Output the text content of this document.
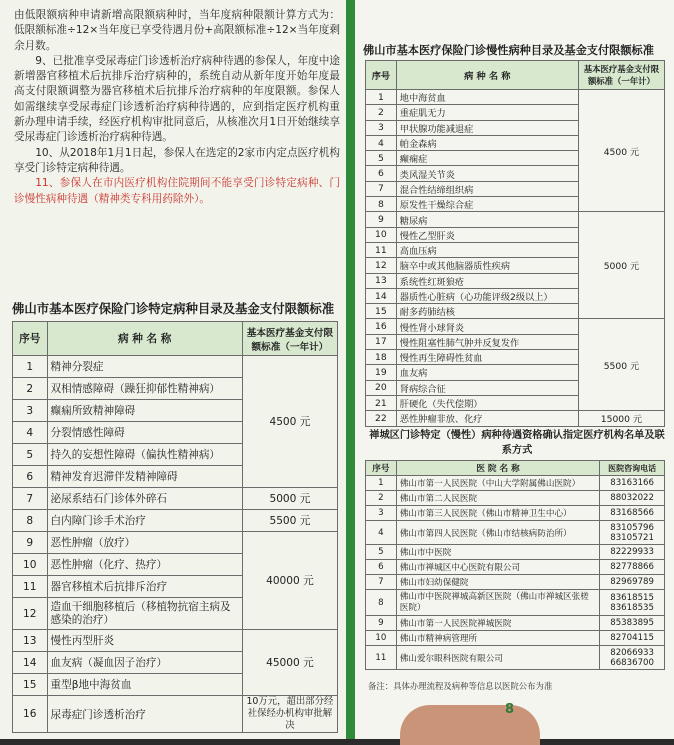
由低限额病种申请新增高限额病种时，当年度病种限额计算方式为：低限额标准÷12×当年度已享受待遇月份+高限额标准÷12×当年度剩余月数。

9、已批准享受尿毒症门诊透析治疗病种待遇的参保人，年度中途新增器官移植术后抗排斥治疗病种的，系统自动从新年度开始年度最高支付限额调整为器官移植术后抗排斥治疗病种的年度限额。参保人如需继续享受尿毒症门诊透析治疗病种待遇的，应到指定医疗机构重新办理申请手续，经医疗机构审批同意后，从核准次月1日开始继续享受尿毒症门诊透析治疗病种待遇。

10、从2018年1月1日起，参保人在选定的2家市内定点医疗机构享受门诊特定病种待遇。

11、参保人在市内医疗机构住院期间不能享受门诊特定病种、门诊慢性病种待遇（精神类专科用药除外）。

佛山市基本医疗保险门诊特定病种目录及基金支付限额标准
序号	病 种 名 称	基本医疗基金支付限额标准（一年计）
1	精神分裂症	4500 元
2	双相情感障碍（躁狂抑郁性精神病）	
3	癫痫所致精神障碍	
4	分裂情感性障碍	
5	持久的妄想性障碍（偏执性精神病）	
6	精神发育迟滞伴发精神障碍	
7	泌尿系结石门诊体外碎石	5000 元
8	白内障门诊手术治疗	5500 元
9	恶性肿瘤（放疗）	40000 元
10	恶性肿瘤（化疗、热疗）	
11	器官移植术后抗排斥治疗	
12	造血干细胞移植后（移植物抗宿主病及感染的治疗）	
13	慢性丙型肝炎	45000 元
14	血友病（凝血因子治疗）	
15	重型β地中海贫血	
16	尿毒症门诊透析治疗	10万元，超出部分经社保经办机构审批解决
佛山市基本医疗保险门诊慢性病种目录及基金支付限额标准
序号	病 种 名 称	基本医疗基金支付限额标准（一年计）
1	地中海贫血	4500 元
2	重症肌无力	
3	甲状腺功能减退症	
4	帕金森病	
5	癫痫症	
6	类风湿关节炎	
7	混合性结缔组织病	
8	原发性干燥综合症	
9	糖尿病	5000 元
10	慢性乙型肝炎	
11	高血压病	
12	脑卒中或其他脑器质性疾病	
13	系统性红斑狼疮	
14	器质性心脏病（心功能评级2级以上）	
15	耐多药肺结核	
16	慢性肾小球肾炎	5500 元
17	慢性阻塞性肺气肿并反复发作	
18	慢性再生障碍性贫血	
19	血友病	
20	肾病综合征	
21	肝硬化（失代偿期）	
22	恶性肿瘤非放、化疗	15000 元
禅城区门诊特定（慢性）病种待遇资格确认指定医疗机构名单及联系方式
序号	医 院 名 称	医院咨询电话
1	佛山市第一人民医院（中山大学附属佛山医院）	83163166
2	佛山市第二人民医院	88032022
3	佛山市第三人民医院（佛山市精神卫生中心）	83168566
4	佛山市第四人民医院（佛山市结核病防治所）	83105796 83105721
5	佛山市中医院	82229933
6	佛山市禅城区中心医院有限公司	82778866
7	佛山市妇幼保健院	82969789
8	佛山市中医院禅城高新区医院（佛山市禅城区张槎医院）	83618515 83618535
9	佛山市第一人民医院禅城医院	85383895
10	佛山市精神病管理所	82704115
11	佛山爱尔眼科医院有限公司	82066933 66836700
备注：具体办理流程及病种等信息以医院公布为准
8
